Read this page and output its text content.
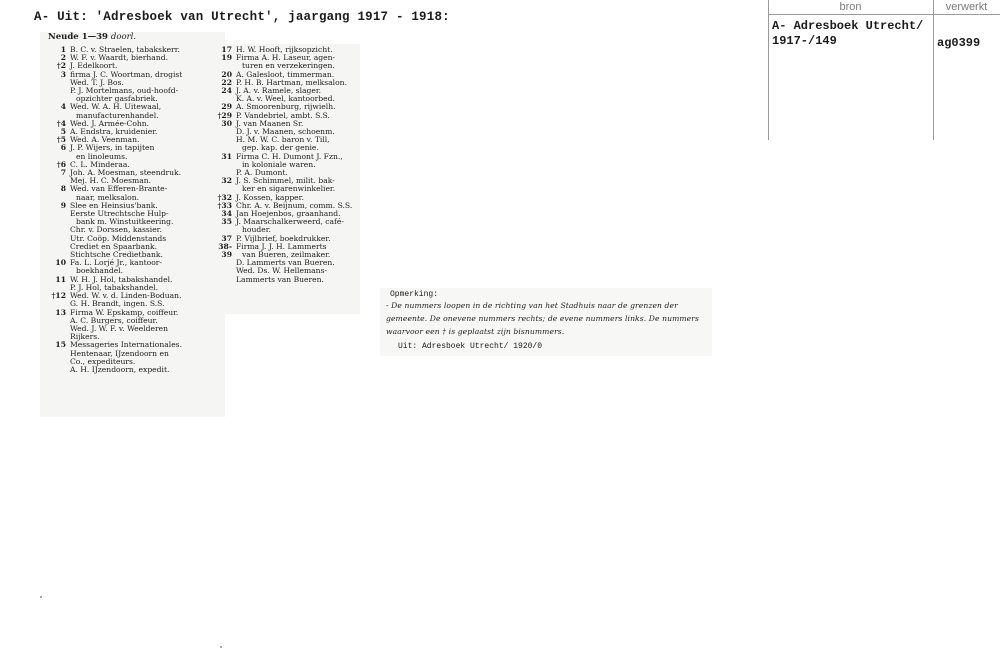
A- Uit: 'Adresboek van Utrecht', jaargang 1917 - 1918:
Neude 1—39 doorl.
1 B. C. v. Straelen, tabakskerr.
2 W. F. v. Waardt, bierhand.
†2 J. Edelkoort.
3 firma J. C. Woortman, drogist
Wed. T. J. Bos.
P. J. Mortelmans, oud-hoofd-
opzichter gasfabriek.
4 Wed. W. A. H. Uitewaal,
manufacturenhandel.
†4 Wed. J. Armée-Cohn.
5 A. Endstra, kruidenier.
†5 Wed. A. Veenman.
6 J. P. Wijers, in tapijten
en linoleums.
†6 C. L. Minderaa.
7 Joh. A. Moesman, steendruk.
Mej. H. C. Moesman.
8 Wed. van Efferen-Brante-
naar, melksalon.
9 Slee en Heinsius'bank.
Eerste Utrechtsche Hulp-
bank m. Winstuitkeering.
Chr. v. Dorssen, kassier.
Utr. Coöp. Middenstands
Crediet en Spaarbank.
Stichtsche Credietbank.
10 Fa. L. Lorjé Jr., kantoor-
boekhandel.
11 W. H. J. Hol, tabakshandel.
P. J. Hol, tabakshandel.
†12 Wed. W. v. d. Linden-Boduan.
G. H. Brandt, ingen. S.S.
13 Firma W. Epskamp, coiffeur.
A. C. Burgers, coiffeur.
Wed. J. W. F. v. Weelderen
Rijkers.
15 Messageries Internationales.
Hentenaar, IJzendoorn en
Co., expediteurs.
A. H. IJzendoorn, expedit.
17 H. W. Hooft, rijksopzicht.
19 Firma A. H. Laseur, agen-
turen en verzekeringen.
20 A. Galesloot, timmerman.
22 P. H. B. Hartman, melksalon.
24 J. A. v. Ramele, slager.
K. A. v. Weel, kantoorbed.
29 A. Smoorenburg, rijwielh.
†29 P. Vandebriel, ambt. S.S.
30 J. van Maanen Sr.
D. J. v. Maanen, schoenm.
H. M. W. C. baron v. Till,
gep. kap. der genie.
31 Firma C. H. Dumont J. Fzn.,
in koloniale waren.
P. A. Dumont.
32 J. S. Schimmel, milit. bak-
ker en sigarenwinkelier.
†32 J. Kossen, kapper.
†33 Chr. A. v. Beijnum, comm. S.S.
34 Jan Hoejenbos, graanhand.
35 J. Maarschalkerweerd, café-
houder.
37 P. Vijlbrief, boekdrukker.
38-39
Firma J. J. H. Lammerts
van Bueren, zeilmaker.
D. Lammerts van Bueren.
Wed. Ds. W. Hellemans-
Lammerts van Bueren.
Opmerking:
- De nummers loopen in de richting van het Stadhuis naar de grenzen der
gemeente. De onevene nummers rechts; de evene nummers links. De nummers
waarvoor een † is geplaatst zijn bisnummers.
Uit: Adresboek Utrecht/ 1920/0
bron	verwerkt
A- Adresboek Utrecht/
1917-/149	ag0399
